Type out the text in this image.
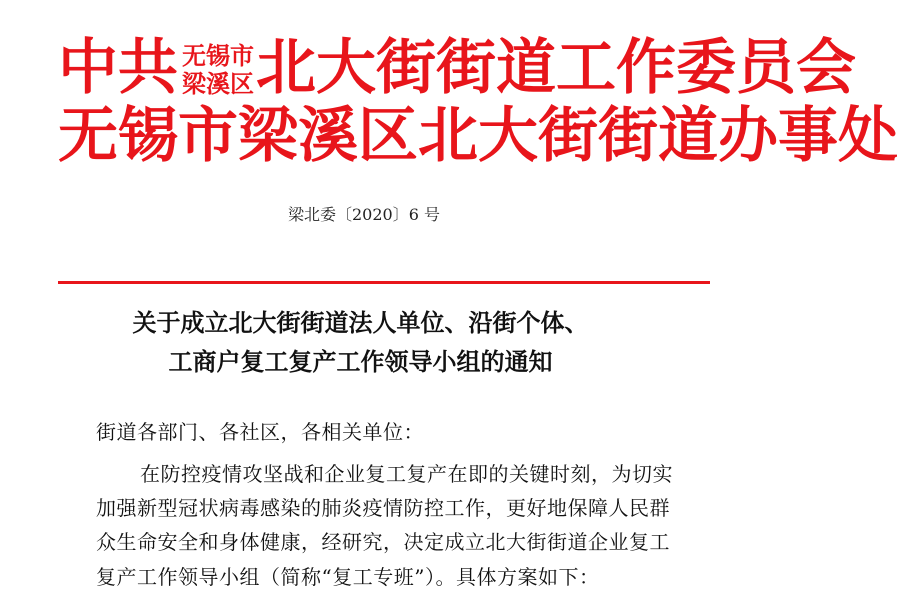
中共 无锡市
梁溪区 北大街街道工作委员会
无锡市梁溪区北大街街道办事处
梁北委〔2020〕6 号
关于成立北大街街道法人单位、沿街个体、
工商户复工复产工作领导小组的通知
街道各部门、各社区，各相关单位：
在防控疫情攻坚战和企业复工复产在即的关键时刻，为切实
加强新型冠状病毒感染的肺炎疫情防控工作，更好地保障人民群
众生命安全和身体健康，经研究，决定成立北大街街道企业复工
复产工作领导小组（简称“复工专班”）。具体方案如下：
